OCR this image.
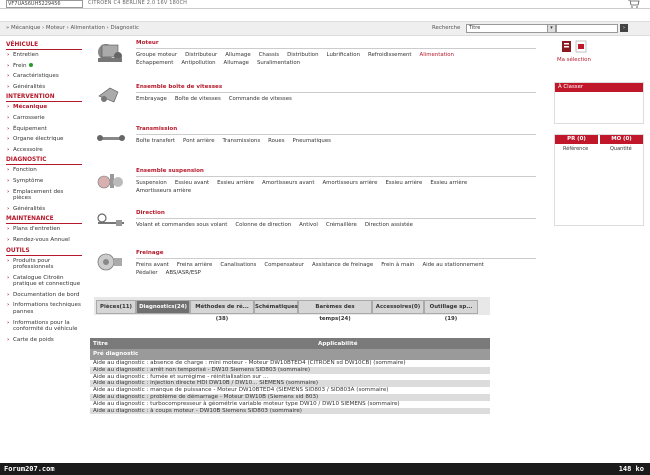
VF7UAS6UH5229456	CITROEN C4 BERLINE 2.0 16V 180CH
» Mécanique › Moteur › Alimentation › Diagnostic	Recherche	Titre	▾	›
VÉHICULE
› Entretien
› Frein
› Caractéristiques
› Généralités
INTERVENTION
› Mécanique
› Carrosserie
› Équipement
› Organe électrique
› Accessoire
DIAGNOSTIC
› Fonction
› Symptôme
› Emplacement des pièces
› Généralités
MAINTENANCE
› Plans d'entretien
› Rendez-vous Annuel
OUTILS
› Produits pour professionnels
› Catalogue Citroën pratique et connectique
› Documentation de bord
› Informations techniques pannes
› Informations pour la conformité du véhicule
› Carte de poids
Moteur
Groupe moteur Distributeur Allumage Chassis Distribution Lubrification Refroidissement Alimentation
Échappement Antipollution Allumage Suralimentation
Ensemble boîte de vitesses
Embrayage Boîte de vitesses Commande de vitesses
Transmission
Boîte transfert Pont arrière Transmissions Roues Pneumatiques
Ensemble suspension
Suspension Essieu avant Essieu arrière Amortisseurs avant Amortisseurs arrière Essieu arrière Essieu arrière
Amortisseurs arrière
Direction
Volant et commandes sous volant Colonne de direction Antivol Crémaillère Direction assistée
Freinage
Freins avant Freins arrière Canalisations Compensateur Assistance de freinage Frein à main Aide au stationnement
Pédalier ABS/ASR/ESP
Ma sélection
À Classer
PR (0)	MO (0)
Référence	Quantité
Pièces(11)	Diagnostics(24)	Méthodes de ré...(38)
Schématiques	Barèmes des temps(24)
Accessoires(0)	Outillage sp...(19)
Titre	Applicabilité
Pré diagnostic
Aide au diagnostic : absence de charge : mini moteur - Moteur DW10BTED4 (CITROEN sd DW10CB) (sommaire)
Aide au diagnostic : arrêt non temporisé - DW10 Siemens SID803 (sommaire)
Aide au diagnostic : fumée et surrégime - réinitialisation sur ...
Aide au diagnostic : injection directe HDI DW10B / DW10... SIEMENS (sommaire)
Aide au diagnostic : manque de puissance - Moteur DW10BTED4 (SIEMENS SID803 / SID803A (sommaire)
Aide au diagnostic : problème de démarrage - Moteur DW10B (Siemens sid 803)
Aide au diagnostic : turbocompresseur à géométrie variable moteur type DW10 / DW10 SIEMENS (sommaire)
Aide au diagnostic : à coups moteur - DW10B Siemens SID803 (sommaire)
Forum207.com	148 ko
